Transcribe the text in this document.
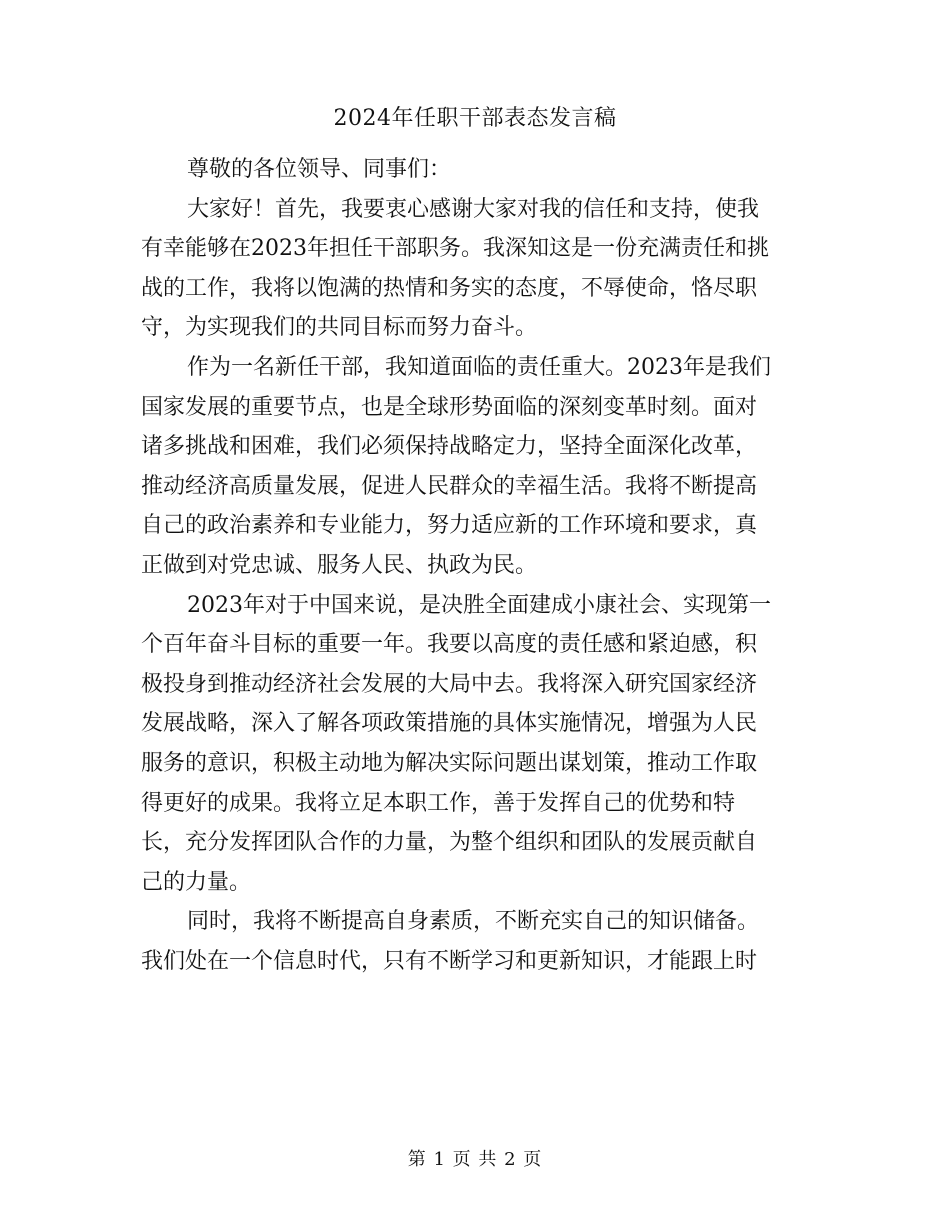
2024年任职干部表态发言稿

尊敬的各位领导、同事们：

大家好！首先，我要衷心感谢大家对我的信任和支持，使我
有幸能够在2023年担任干部职务。我深知这是一份充满责任和挑
战的工作，我将以饱满的热情和务实的态度，不辱使命，恪尽职
守，为实现我们的共同目标而努力奋斗。

作为一名新任干部，我知道面临的责任重大。2023年是我们
国家发展的重要节点，也是全球形势面临的深刻变革时刻。面对
诸多挑战和困难，我们必须保持战略定力，坚持全面深化改革，
推动经济高质量发展，促进人民群众的幸福生活。我将不断提高
自己的政治素养和专业能力，努力适应新的工作环境和要求，真
正做到对党忠诚、服务人民、执政为民。

2023年对于中国来说，是决胜全面建成小康社会、实现第一
个百年奋斗目标的重要一年。我要以高度的责任感和紧迫感，积
极投身到推动经济社会发展的大局中去。我将深入研究国家经济
发展战略，深入了解各项政策措施的具体实施情况，增强为人民
服务的意识，积极主动地为解决实际问题出谋划策，推动工作取
得更好的成果。我将立足本职工作，善于发挥自己的优势和特
长，充分发挥团队合作的力量，为整个组织和团队的发展贡献自
己的力量。

同时，我将不断提高自身素质，不断充实自己的知识储备。
我们处在一个信息时代，只有不断学习和更新知识，才能跟上时

第 1 页 共 2 页
